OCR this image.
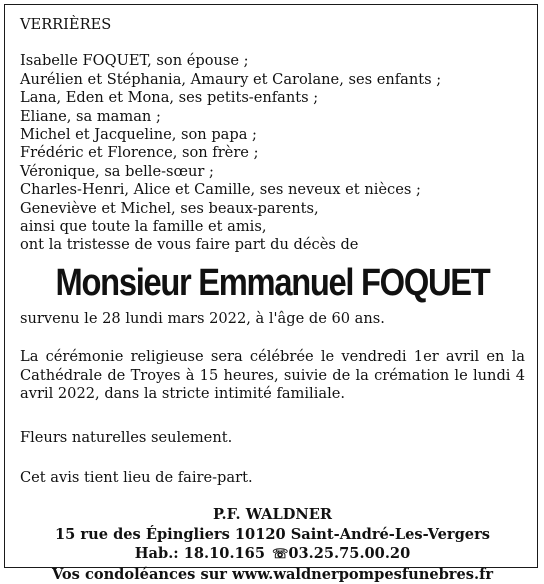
VERRIÈRES

Isabelle FOQUET, son épouse ;

Aurélien et Stéphania, Amaury et Carolane, ses enfants ;

Lana, Eden et Mona, ses petits-enfants ;

Eliane, sa maman ;

Michel et Jacqueline, son papa ;

Frédéric et Florence, son frère ;

Véronique, sa belle-sœur ;

Charles-Henri, Alice et Camille, ses neveux et nièces ;

Geneviève et Michel, ses beaux-parents,

ainsi que toute la famille et amis,

ont la tristesse de vous faire part du décès de

Monsieur Emmanuel FOQUET

survenu le 28 lundi mars 2022, à l'âge de 60 ans.

La cérémonie religieuse sera célébrée le vendredi 1er avril en la Cathédrale de Troyes à 15 heures, suivie de la crémation le lundi 4 avril 2022, dans la stricte intimité familiale.

Fleurs naturelles seulement.

Cet avis tient lieu de faire-part.

P.F. WALDNER

15 rue des Épingliers 10120 Saint-André-Les-Vergers

Hab.: 18.10.165 ☏03.25.75.00.20

Vos condoléances sur www.waldnerpompesfunebres.fr
